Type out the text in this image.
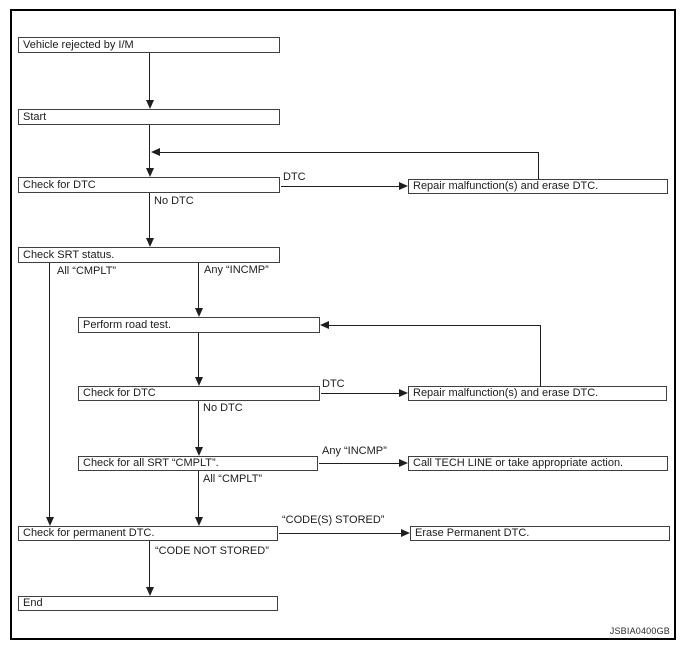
Vehicle rejected by I/M
Start
Check for DTC
Check SRT status.
Perform road test.
Check for DTC
Check for all SRT “CMPLT”.
Check for permanent DTC.
End
Repair malfunction(s) and erase DTC.
Repair malfunction(s) and erase DTC.
Call TECH LINE or take appropriate action.
Erase Permanent DTC.
DTC
No DTC
All “CMPLT”	Any “INCMP”
DTC
No DTC
Any “INCMP”
All “CMPLT”
“CODE(S) STORED”
“CODE NOT STORED”
JSBIA0400GB
